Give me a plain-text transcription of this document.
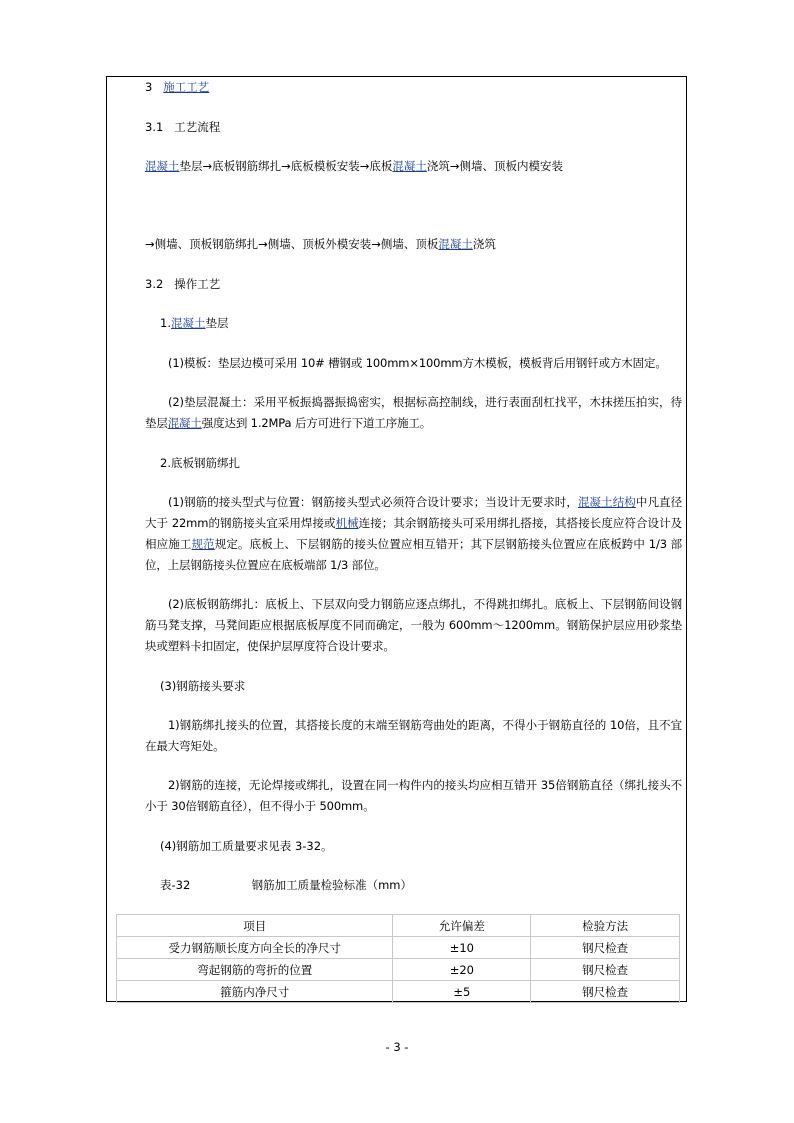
3 施工工艺
3.1 工艺流程
混凝土垫层→底板钢筋绑扎→底板模板安装→底板混凝土浇筑→侧墙、顶板内模安装
→侧墙、顶板钢筋绑扎→侧墙、顶板外模安装→侧墙、顶板混凝土浇筑
3.2 操作工艺
1.混凝土垫层
(1)模板：垫层边模可采用 10# 槽钢或 100mm×100mm方木模板，模板背后用钢钎或方木固定。
(2)垫层混凝土：采用平板振捣器振捣密实，根据标高控制线，进行表面刮杠找平，木抹搓压拍实，待垫层混凝土强度达到 1.2MPa 后方可进行下道工序施工。
2.底板钢筋绑扎
(1)钢筋的接头型式与位置：钢筋接头型式必须符合设计要求；当设计无要求时，混凝土结构中凡直径大于 22mm的钢筋接头宜采用焊接或机械连接；其余钢筋接头可采用绑扎搭接，其搭接长度应符合设计及相应施工规范规定。底板上、下层钢筋的接头位置应相互错开；其下层钢筋接头位置应在底板跨中 1/3 部位，上层钢筋接头位置应在底板端部 1/3 部位。
(2)底板钢筋绑扎：底板上、下层双向受力钢筋应逐点绑扎，不得跳扣绑扎。底板上、下层钢筋间设钢筋马凳支撑，马凳间距应根据底板厚度不同而确定，一般为 600mm～1200mm。钢筋保护层应用砂浆垫块或塑料卡扣固定，使保护层厚度符合设计要求。
(3)钢筋接头要求
1)钢筋绑扎接头的位置，其搭接长度的末端至钢筋弯曲处的距离，不得小于钢筋直径的 10倍，且不宜在最大弯矩处。
2)钢筋的连接，无论焊接或绑扎，设置在同一构件内的接头均应相互错开 35倍钢筋直径（绑扎接头不小于 30倍钢筋直径），但不得小于 500mm。
(4)钢筋加工质量要求见表 3-32。
表-32	钢筋加工质量检验标准（mm）
项目	允许偏差	检验方法
受力钢筋顺长度方向全长的净尺寸	±10	钢尺检查
弯起钢筋的弯折的位置	±20	钢尺检查
箍筋内净尺寸	±5	钢尺检查
- 3 -
